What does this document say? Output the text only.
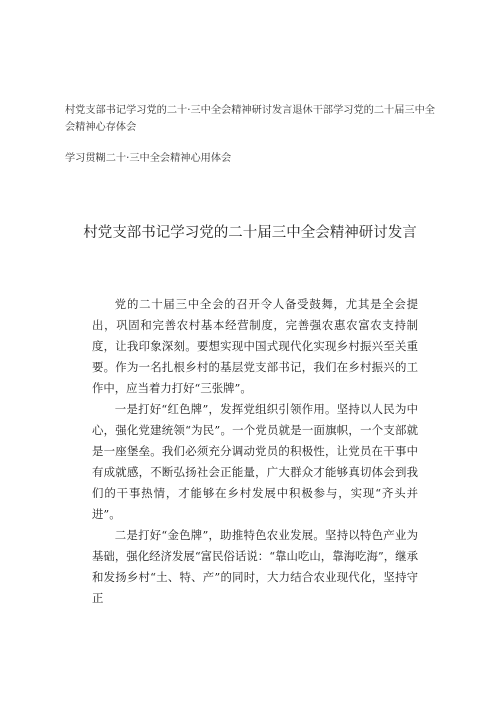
村党支部书记学习党的二十·三中全会精神研讨发言退休干部学习党的二十届三中全会精神心存体会

学习贯糊二十·三中全会精神心用体会

村党支部书记学习党的二十届三中全会精神研讨发言

党的二十届三中全会的召开令人备受鼓舞，尤其是全会提出，巩固和完善农村基本经营制度，完善强农惠农富农支持制度，让我印象深刻。要想实现中国式现代化实现乡村振兴至关重要。作为一名扎根乡村的基层党支部书记，我们在乡村振兴的工作中，应当着力打好“三张牌”。

一是打好“红色牌”，发挥党组织引领作用。坚持以人民为中心，强化党建统领“为民”。一个党员就是一面旗帜，一个支部就是一座堡垒。我们必须充分调动党员的积极性，让党员在干事中有成就感，不断弘扬社会正能量，广大群众才能够真切体会到我们的干事热情，才能够在乡村发展中积极参与，实现“齐头并进”。

二是打好“金色牌”，助推特色农业发展。坚持以特色产业为基础，强化经济发展“富民俗话说：“靠山吃山，靠海吃海”，继承和发扬乡村“土、特、产”的同时，大力结合农业现代化，坚持守正
